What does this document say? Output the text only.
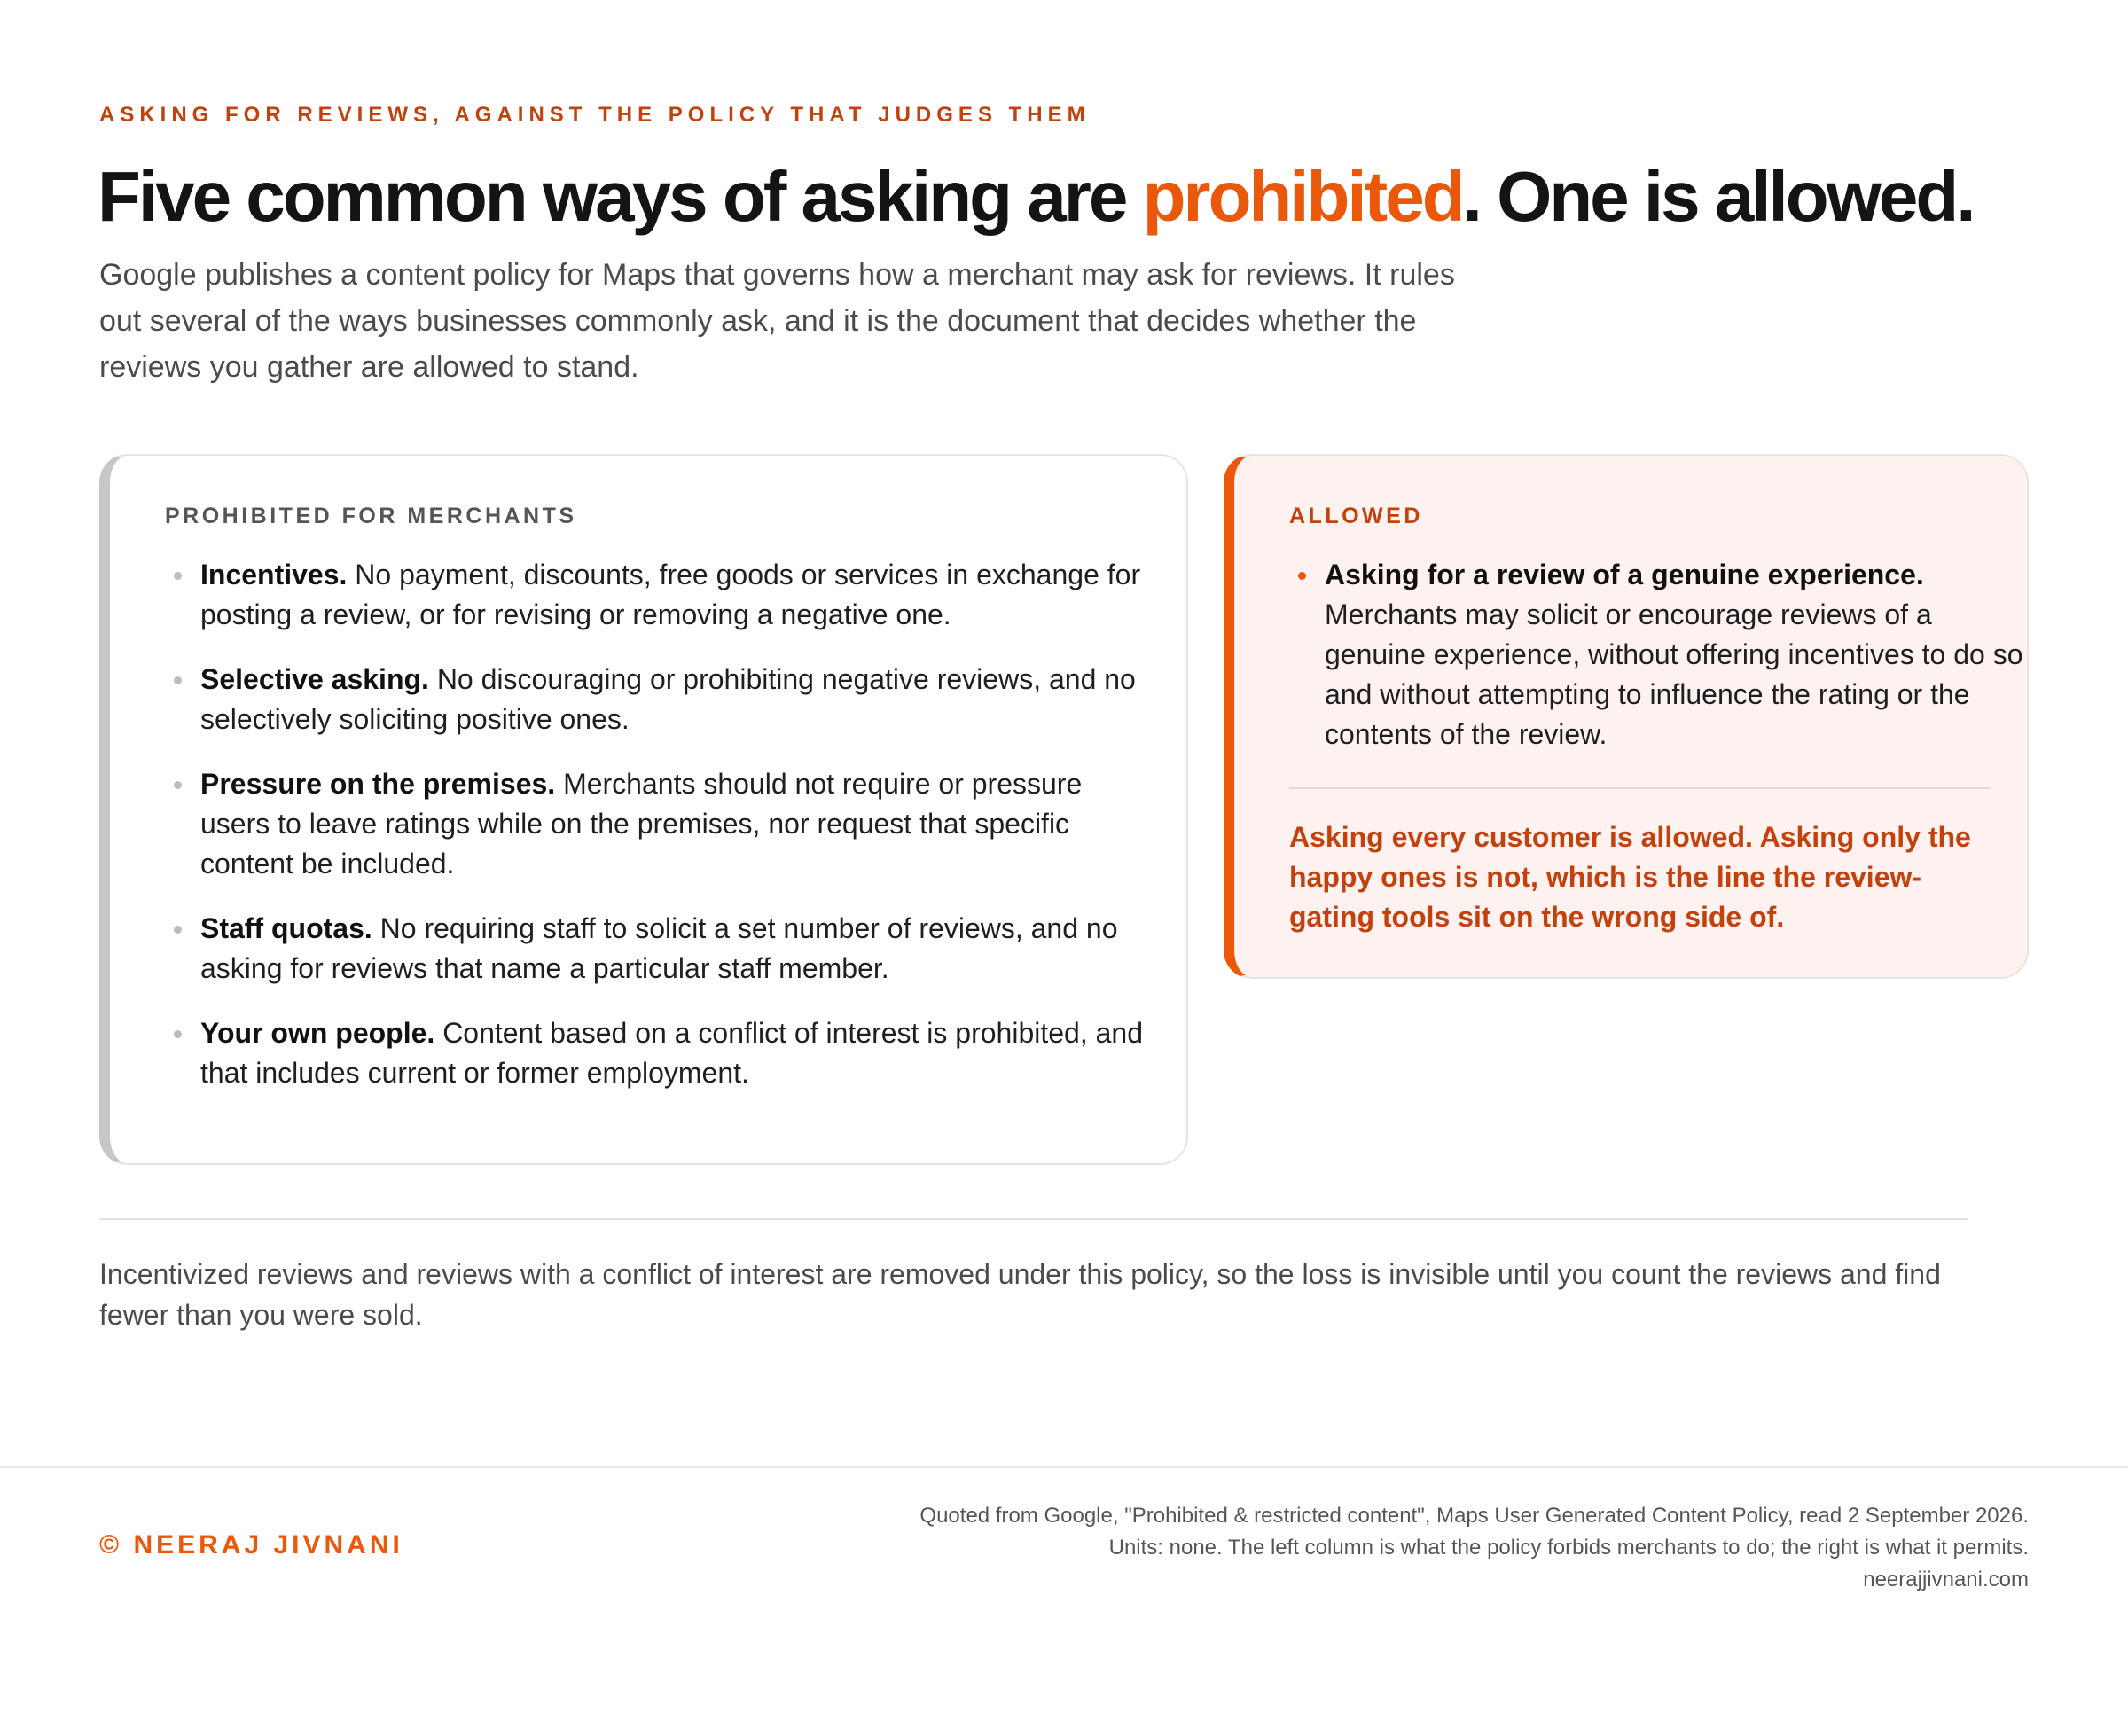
ASKING FOR REVIEWS, AGAINST THE POLICY THAT JUDGES THEM
Five common ways of asking are prohibited. One is allowed.

Google publishes a content policy for Maps that governs how a merchant may ask for reviews. It rules out several of the ways businesses commonly ask, and it is the document that decides whether the reviews you gather are allowed to stand.

PROHIBITED FOR MERCHANTS
Incentives. No payment, discounts, free goods or services in exchange for posting a review, or for revising or removing a negative one.
Selective asking. No discouraging or prohibiting negative reviews, and no selectively soliciting positive ones.
Pressure on the premises. Merchants should not require or pressure users to leave ratings while on the premises, nor request that specific content be included.
Staff quotas. No requiring staff to solicit a set number of reviews, and no asking for reviews that name a particular staff member.
Your own people. Content based on a conflict of interest is prohibited, and that includes current or former employment.
ALLOWED
Asking for a review of a genuine experience. Merchants may solicit or encourage reviews of a genuine experience, without offering incentives to do so and without attempting to influence the rating or the contents of the review.
Asking every customer is allowed. Asking only the happy ones is not, which is the line the review-gating tools sit on the wrong side of.

Incentivized reviews and reviews with a conflict of interest are removed under this policy, so the loss is invisible until you count the reviews and find fewer than you were sold.

© NEERAJ JIVNANI
Quoted from Google, "Prohibited & restricted content", Maps User Generated Content Policy, read 2 September 2026.
Units: none. The left column is what the policy forbids merchants to do; the right is what it permits.
neerajjivnani.com
